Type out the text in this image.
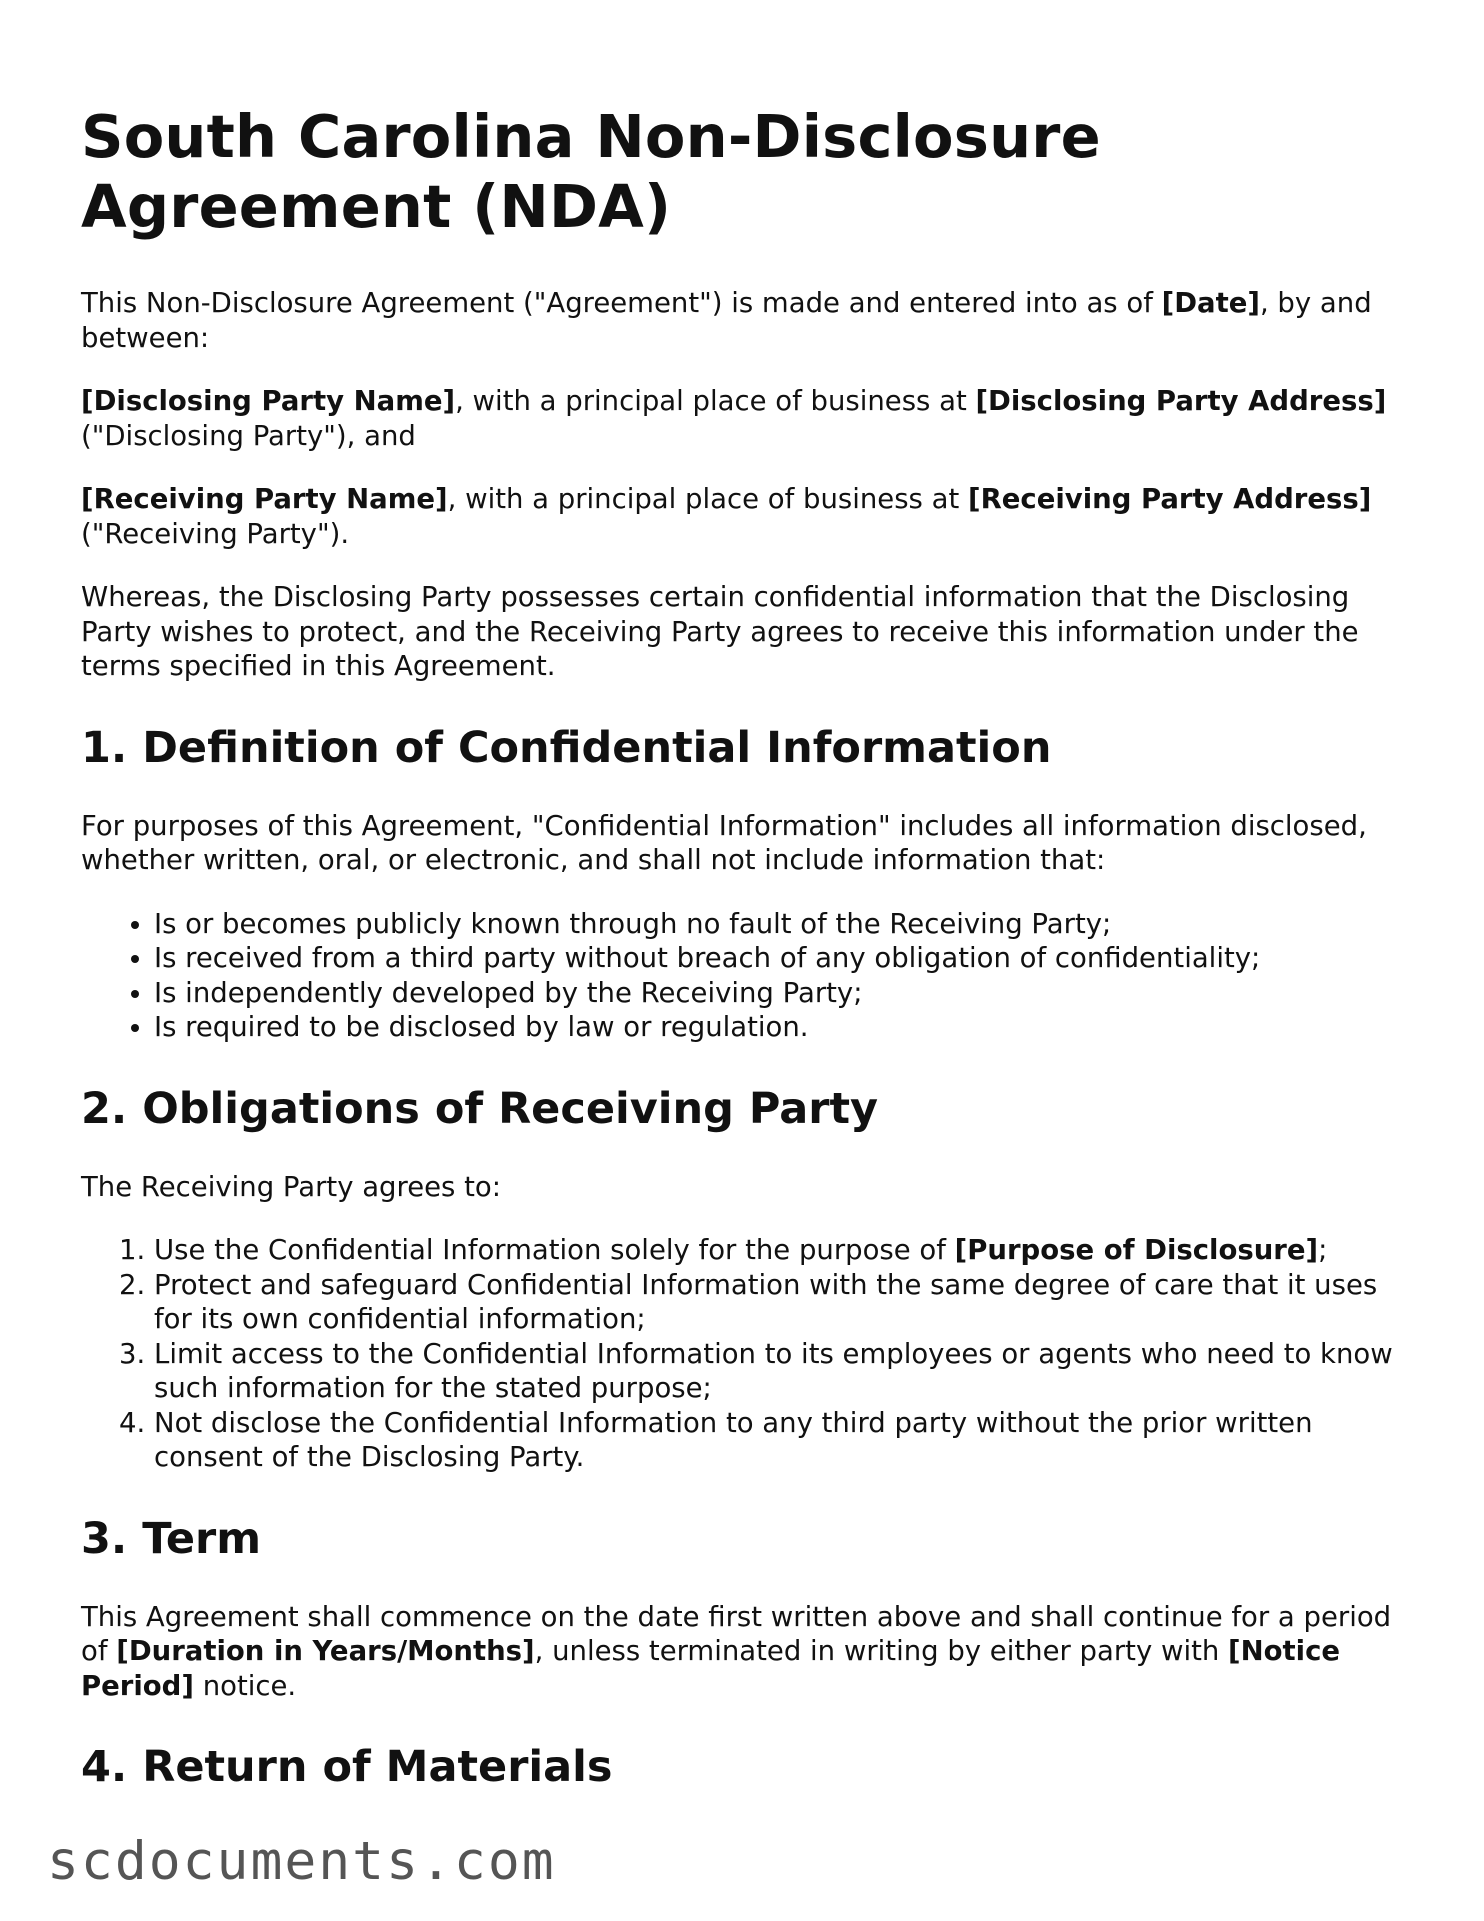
South Carolina Non-Disclosure Agreement (NDA)

This Non-Disclosure Agreement ("Agreement") is made and entered into as of [Date], by and between:

[Disclosing Party Name], with a principal place of business at [Disclosing Party Address] ("Disclosing Party"), and

[Receiving Party Name], with a principal place of business at [Receiving Party Address] ("Receiving Party").

Whereas, the Disclosing Party possesses certain confidential information that the Disclosing Party wishes to protect, and the Receiving Party agrees to receive this information under the terms specified in this Agreement.

1. Definition of Confidential Information

For purposes of this Agreement, "Confidential Information" includes all information disclosed, whether written, oral, or electronic, and shall not include information that:

• Is or becomes publicly known through no fault of the Receiving Party;
• Is received from a third party without breach of any obligation of confidentiality;
• Is independently developed by the Receiving Party;
• Is required to be disclosed by law or regulation.
2. Obligations of Receiving Party

The Receiving Party agrees to:

1. Use the Confidential Information solely for the purpose of [Purpose of Disclosure];
2. Protect and safeguard Confidential Information with the same degree of care that it uses for its own confidential information;
3. Limit access to the Confidential Information to its employees or agents who need to know such information for the stated purpose;
4. Not disclose the Confidential Information to any third party without the prior written consent of the Disclosing Party.
3. Term

This Agreement shall commence on the date first written above and shall continue for a period of [Duration in Years/Months], unless terminated in writing by either party with [Notice Period] notice.

4. Return of Materials
scdocuments.com
